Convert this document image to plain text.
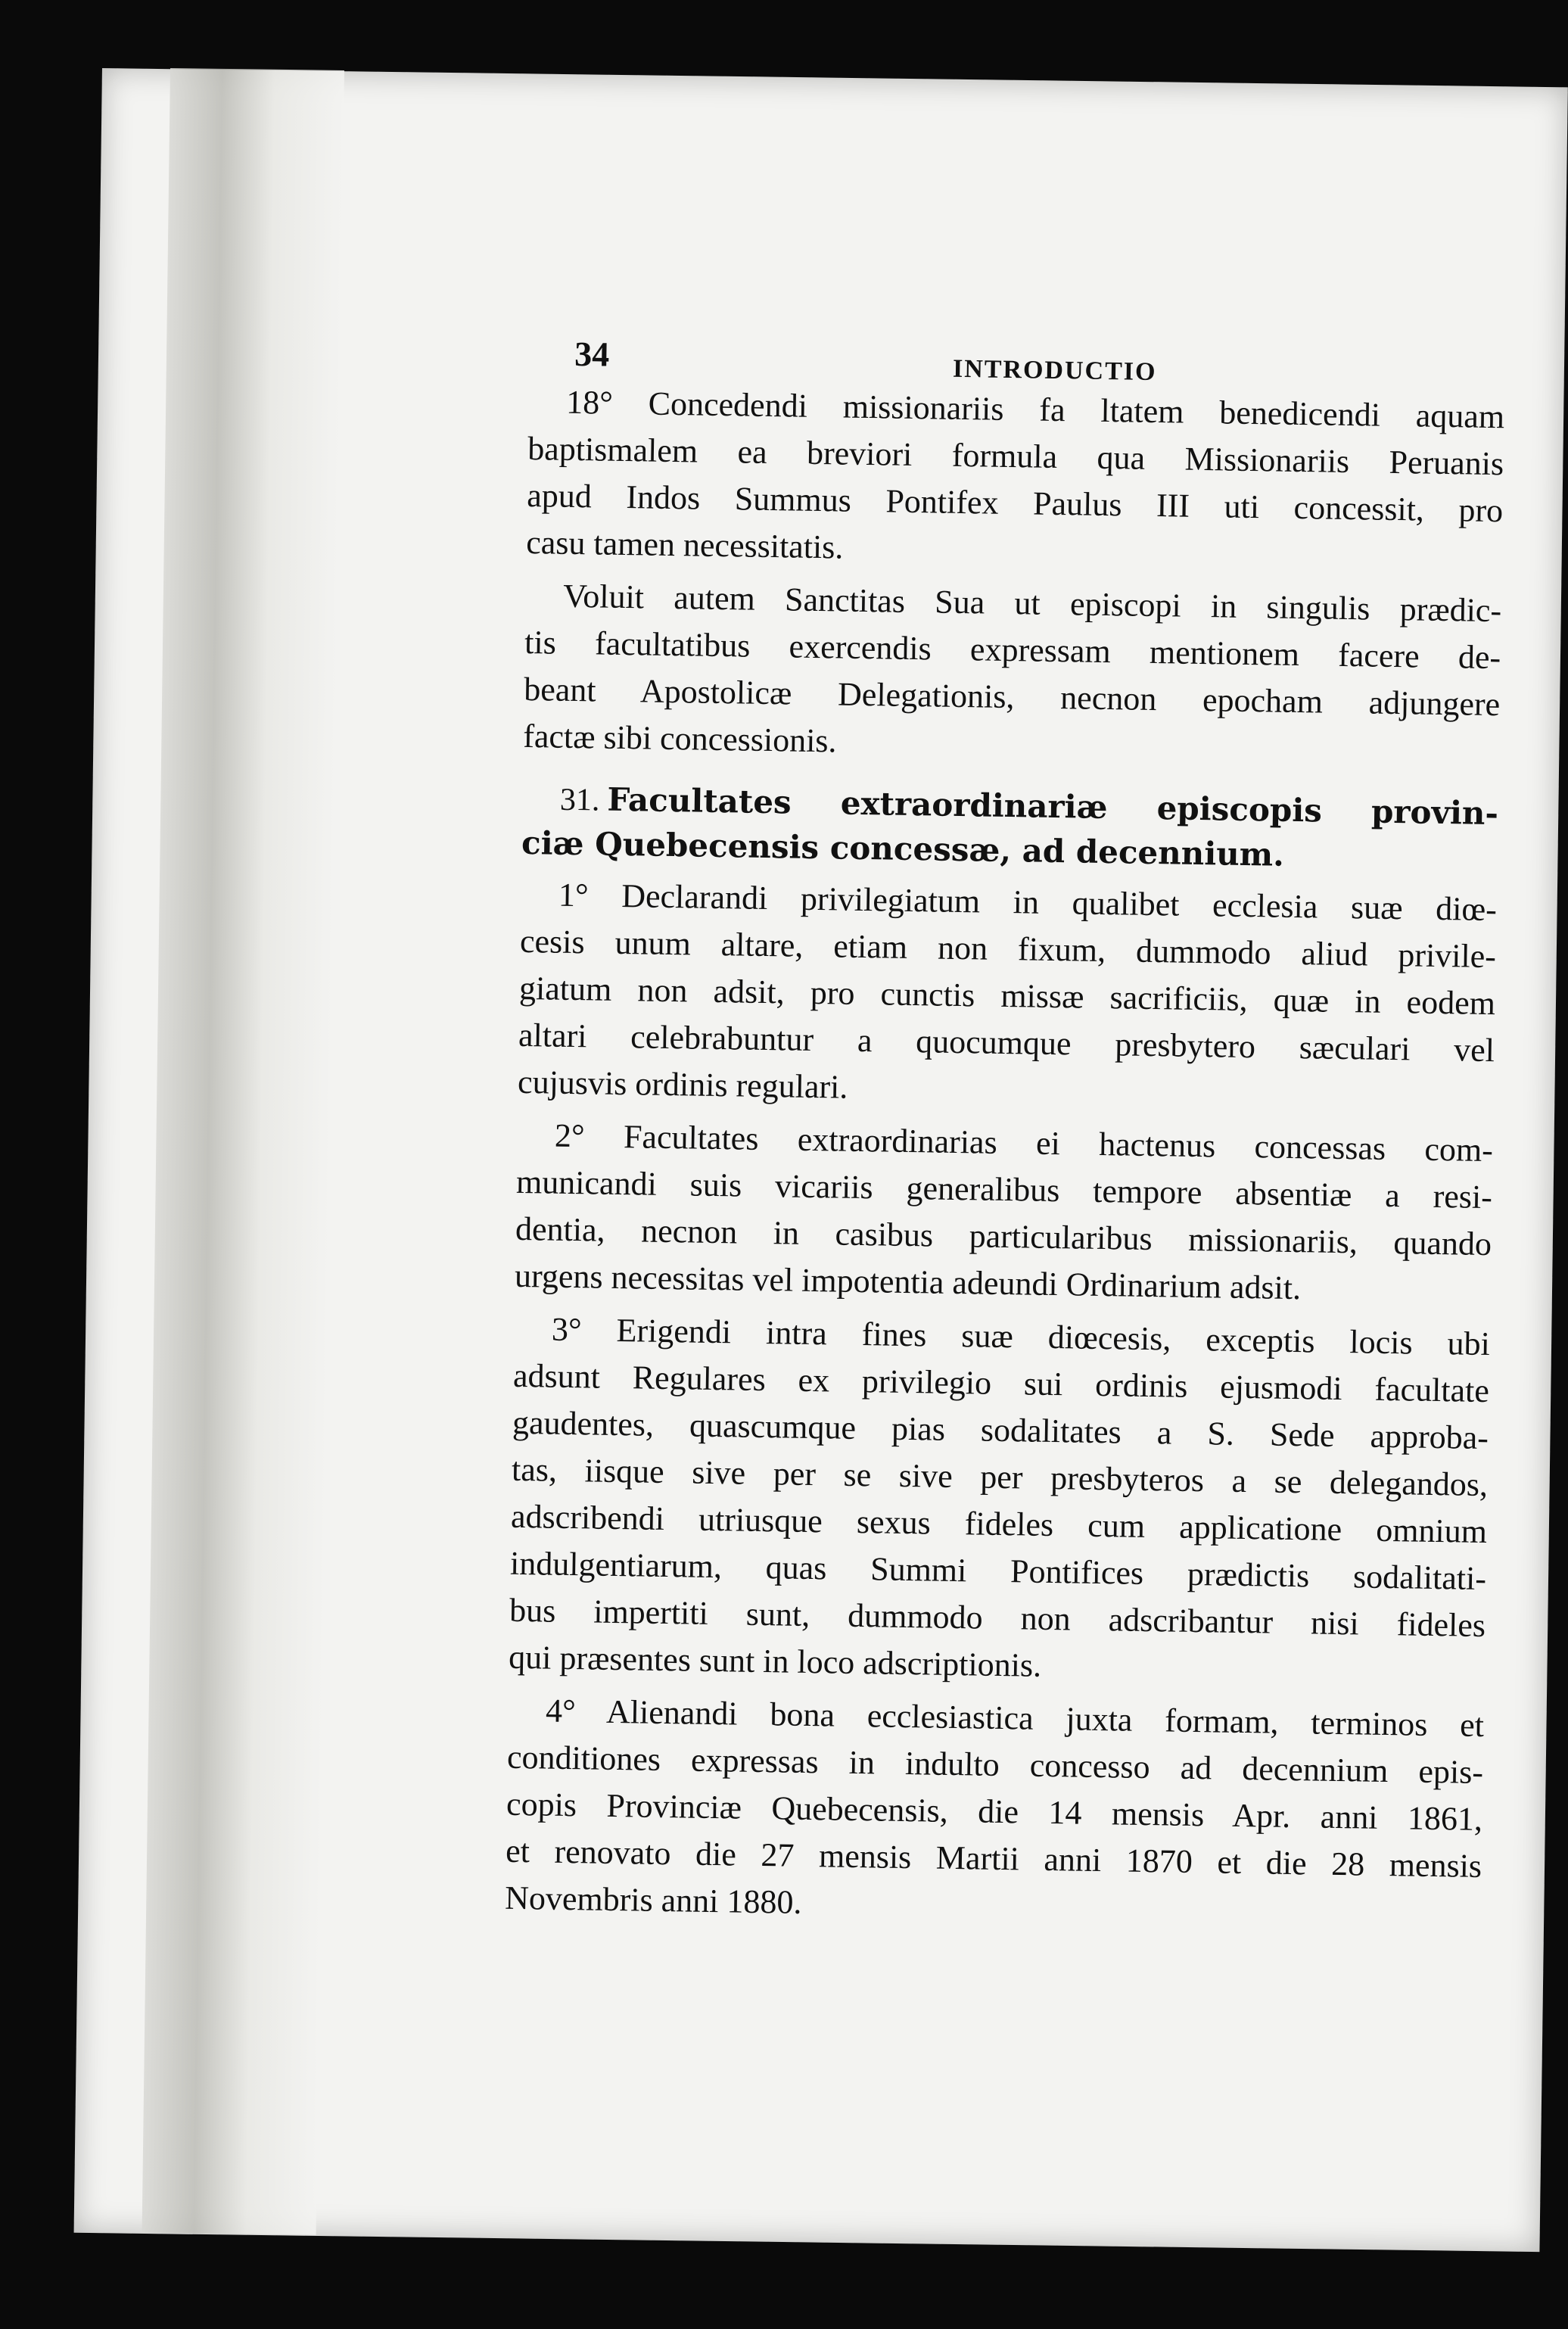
34	INTRODUCTIO
18° Concedendi missionariis fa ltatem benedicendi aquam
baptismalem ea breviori formula qua Missionariis Peruanis
apud Indos Summus Pontifex Paulus III uti concessit, pro
casu tamen necessitatis.
Voluit autem Sanctitas Sua ut episcopi in singulis prædic-
tis facultatibus exercendis expressam mentionem facere de-
beant Apostolicæ Delegationis, necnon epocham adjungere
factæ sibi concessionis.
31. Facultates extraordinariæ episcopis provin-
ciæ Quebecensis concessæ, ad decennium.
1° Declarandi privilegiatum in qualibet ecclesia suæ diœ-
cesis unum altare, etiam non fixum, dummodo aliud privile-
giatum non adsit, pro cunctis missæ sacrificiis, quæ in eodem
altari celebrabuntur a quocumque presbytero sæculari vel
cujusvis ordinis regulari.
2° Facultates extraordinarias ei hactenus concessas com-
municandi suis vicariis generalibus tempore absentiæ a resi-
dentia, necnon in casibus particularibus missionariis, quando
urgens necessitas vel impotentia adeundi Ordinarium adsit.
3° Erigendi intra fines suæ diœcesis, exceptis locis ubi
adsunt Regulares ex privilegio sui ordinis ejusmodi facultate
gaudentes, quascumque pias sodalitates a S. Sede approba-
tas, iisque sive per se sive per presbyteros a se delegandos,
adscribendi utriusque sexus fideles cum applicatione omnium
indulgentiarum, quas Summi Pontifices prædictis sodalitati-
bus impertiti sunt, dummodo non adscribantur nisi fideles
qui præsentes sunt in loco adscriptionis.
4° Alienandi bona ecclesiastica juxta formam, terminos et
conditiones expressas in indulto concesso ad decennium epis-
copis Provinciæ Quebecensis, die 14 mensis Apr. anni 1861,
et renovato die 27 mensis Martii anni 1870 et die 28 mensis
Novembris anni 1880.
